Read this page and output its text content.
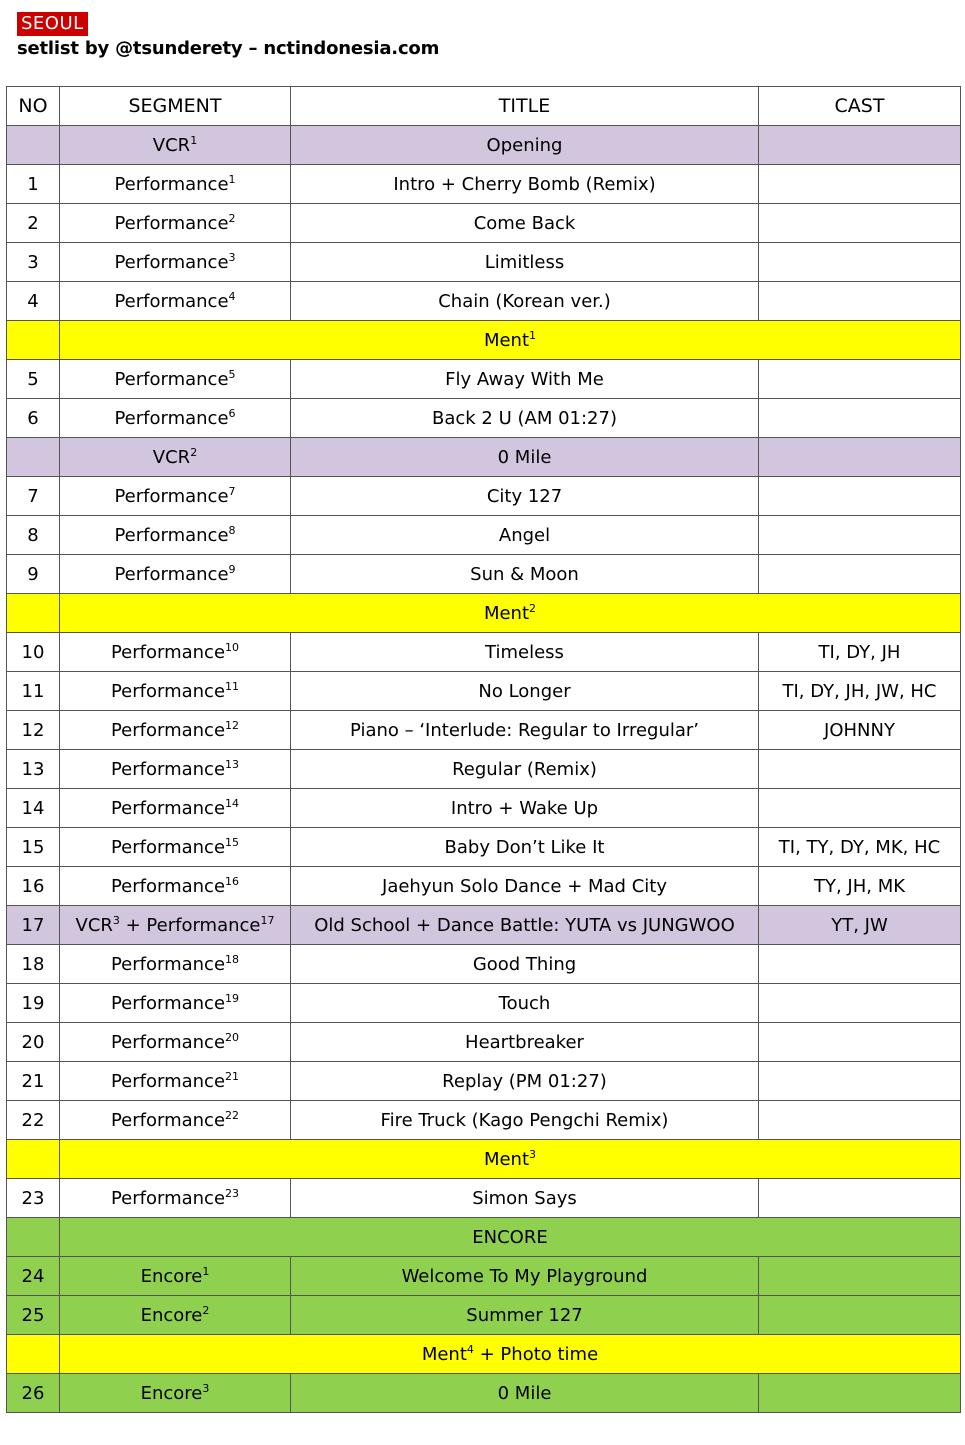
SEOUL
setlist by @tsunderety – nctindonesia.com
NO	SEGMENT	TITLE	CAST
	VCR$^1$	Opening	
1	Performance$^1$	Intro + Cherry Bomb (Remix)	
2	Performance$^2$	Come Back	
3	Performance$^3$	Limitless	
4	Performance$^4$	Chain (Korean ver.)	
	Ment$^1$
5	Performance$^5$	Fly Away With Me	
6	Performance$^6$	Back 2 U (AM 01:27)	
	VCR$^2$	0 Mile	
7	Performance$^7$	City 127	
8	Performance$^8$	Angel	
9	Performance$^9$	Sun & Moon	
	Ment$^2$
10	Performance$^{10}$	Timeless	TI, DY, JH
11	Performance$^{11}$	No Longer	TI, DY, JH, JW, HC
12	Performance$^{12}$	Piano – ‘Interlude: Regular to Irregular’	JOHNNY
13	Performance$^{13}$	Regular (Remix)	
14	Performance$^{14}$	Intro + Wake Up	
15	Performance$^{15}$	Baby Don’t Like It	TI, TY, DY, MK, HC
16	Performance$^{16}$	Jaehyun Solo Dance + Mad City	TY, JH, MK
17	$VCR^3$ + Performance$^{17}$	Old School + Dance Battle: YUTA vs JUNGWOO	YT, JW
18	Performance$^{18}$	Good Thing	
19	Performance$^{19}$	Touch	
20	Performance$^{20}$	Heartbreaker	
21	Performance$^{21}$	Replay (PM 01:27)	
22	Performance$^{22}$	Fire Truck (Kago Pengchi Remix)	
	Ment$^3$
23	Performance$^{23}$	Simon Says	
	ENCORE		
24	Encore$^1$	Welcome To My Playground	
25	Encore$^2$	Summer 127	
	Ment$^4$ + Photo time		
26	Encore$^3$	0 Mile	
